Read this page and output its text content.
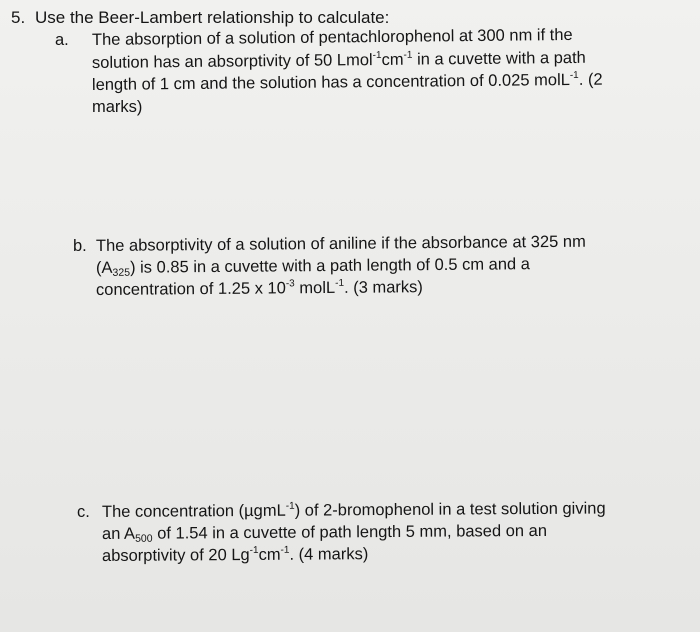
5. Use the Beer-Lambert relationship to calculate:
a. The absorption of a solution of pentachlorophenol at 300 nm if the
solution has an absorptivity of 50 $Lmol^{-1}cm^{-1}$ in a cuvette with a path
length of 1 cm and the solution has a concentration of 0.025 molL$^{-1}$. (2
marks)
b. The absorptivity of a solution of aniline if the absorbance at 325 nm
$(A_{325})$ is 0.85 in a cuvette with a path length of 0.5 cm and a
concentration of 1.25 x $10^{-3}$ molL$^{-1}$. (3 marks)
c. The concentration (µgmL$^{-1}$) of 2-bromophenol in a test solution giving
an $A_{500}$ of 1.54 in a cuvette of path length 5 mm, based on an
absorptivity of 20 $Lg^{-1}cm^{-1}$. (4 marks)
